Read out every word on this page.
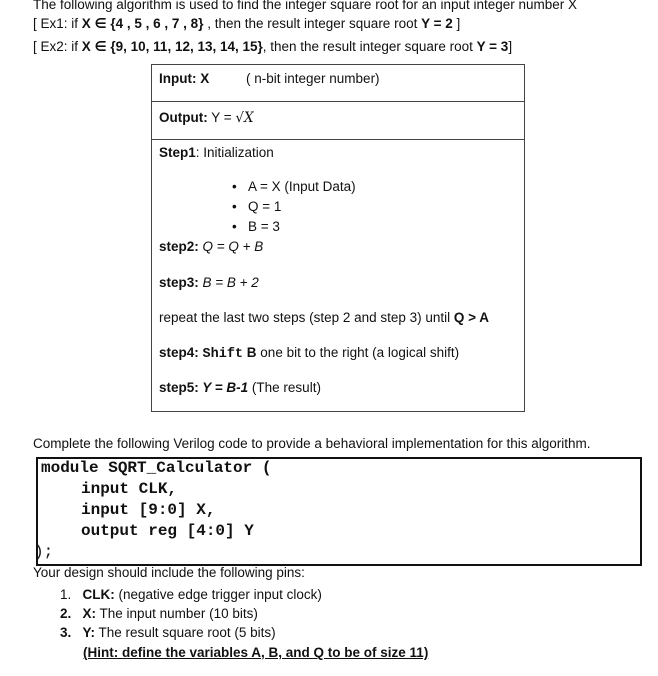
The following algorithm is used to find the integer square root for an input integer number X
[ Ex1: if X ∈ {4 , 5 , 6 , 7 , 8} , then the result integer square root Y = 2 ]
[ Ex2: if X ∈ {9, 10, 11, 12, 13, 14, 15}, then the result integer square root Y = 3]
Input: X	( n-bit integer number)
Output: Y = √X
Step1: Initialization
•   A = X (Input Data)
•   Q = 1
•   B = 3
step2: Q = Q + B
step3: B = B + 2
repeat the last two steps (step 2 and step 3) until Q > A
step4: Shift B one bit to the right (a logical shift)
step5: Y = B-1 (The result)
Complete the following Verilog code to provide a behavioral implementation for this algorithm.
module SQRT_Calculator (
input CLK,
input [9:0] X,
output reg [4:0] Y
);
Your design should include the following pins:
1. CLK: (negative edge trigger input clock)
2. X: The input number (10 bits)
3. Y: The result square root (5 bits)
(Hint: define the variables A, B, and Q to be of size 11)
